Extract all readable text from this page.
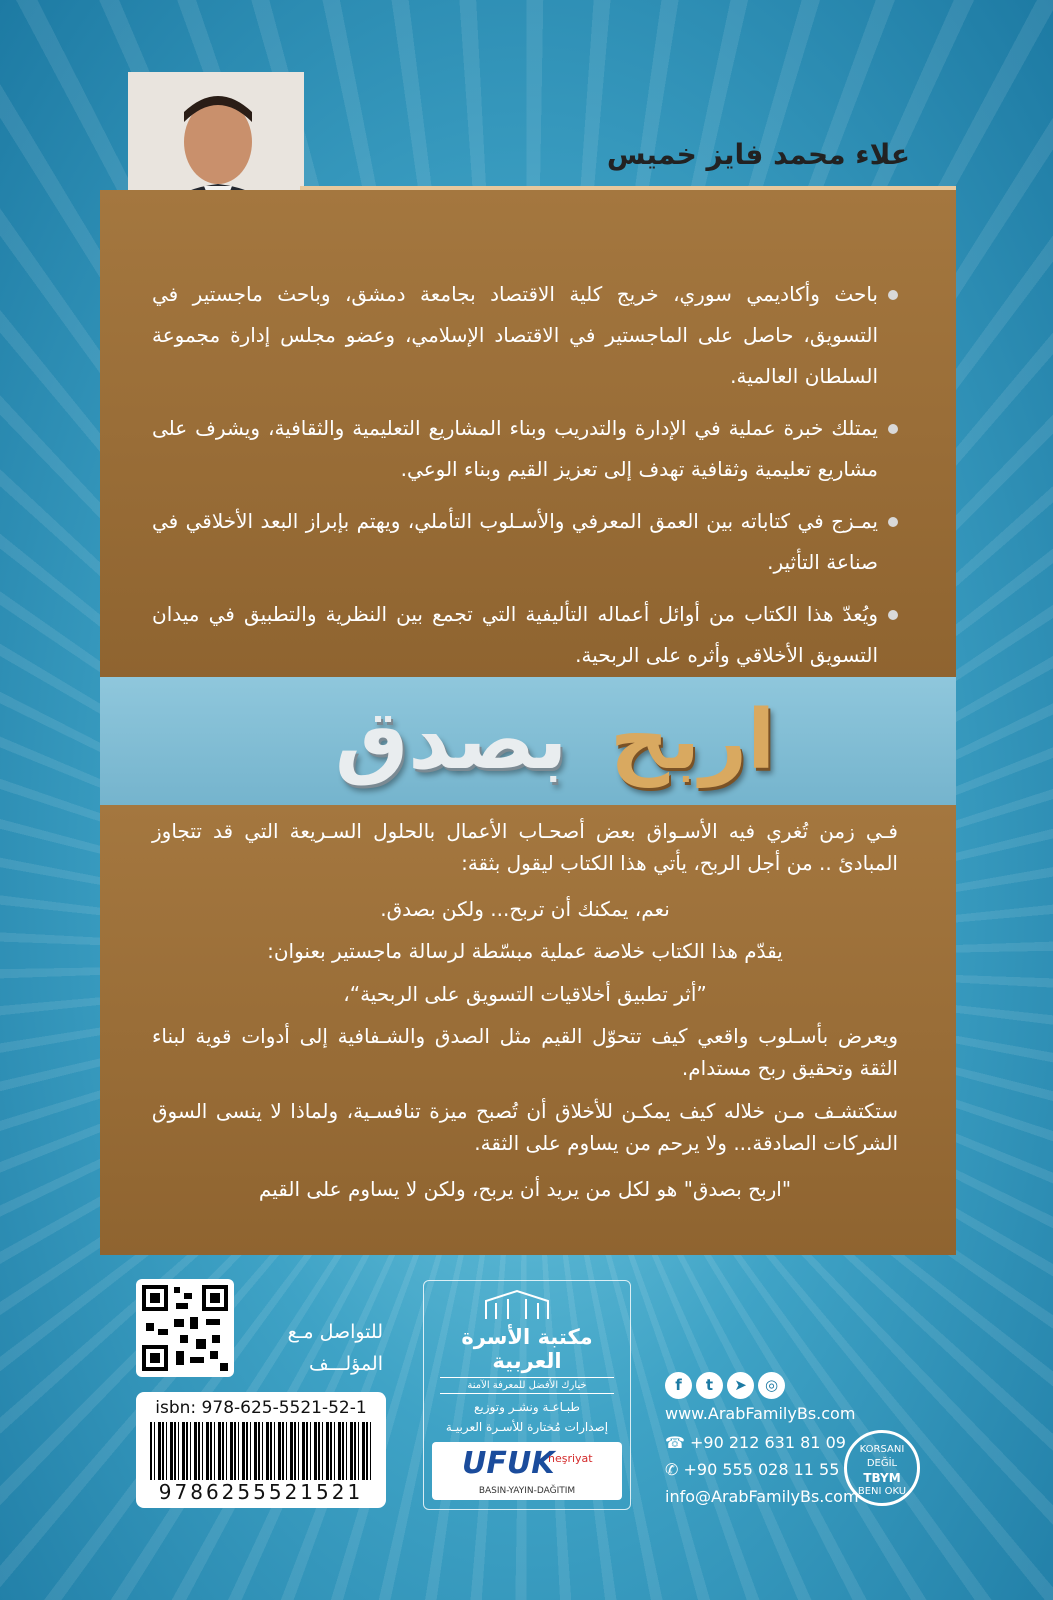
علاء محمد فايز خميس
باحث وأكاديمي سوري، خريج كلية الاقتصاد بجامعة دمشق، وباحث ماجستير في التسويق، حاصل على الماجستير في الاقتصاد الإسلامي، وعضو مجلس إدارة مجموعة السلطان العالمية.
يمتلك خبرة عملية في الإدارة والتدريب وبناء المشاريع التعليمية والثقافية، ويشرف على مشاريع تعليمية وثقافية تهدف إلى تعزيز القيم وبناء الوعي.
يمـزج في كتاباته بين العمق المعرفي والأسـلوب التأملي، ويهتم بإبراز البعد الأخلاقي في صناعة التأثير.
ويُعدّ هذا الكتاب من أوائل أعماله التأليفية التي تجمع بين النظرية والتطبيق في ميدان التسويق الأخلاقي وأثره على الربحية.
اربح
بصدق

فـي زمن تُغري فيه الأسـواق بعض أصحـاب الأعمال بالحلول السـريعة التي قد تتجاوز المبادئ .. من أجل الربح، يأتي هذا الكتاب ليقول بثقة:

نعم، يمكنك أن تربح... ولكن بصدق.

يقدّم هذا الكتاب خلاصة عملية مبسّطة لرسالة ماجستير بعنوان:

”أثر تطبيق أخلاقيات التسويق على الربحية“،

ويعرض بأسـلوب واقعي كيف تتحوّل القيم مثل الصدق والشـفافية إلى أدوات قوية لبناء الثقة وتحقيق ربح مستدام.

ستكتشـف مـن خلاله كيف يمكـن للأخلاق أن تُصبح ميزة تنافسـية، ولماذا لا ينسى السوق الشركات الصادقة... ولا يرحم من يساوم على الثقة.

"اربح بصدق" هو لكل من يريد أن يربح، ولكن لا يساوم على القيم

للتواصل مـع
المؤلـــف
isbn: 978-625-5521-52-1
9786255521521
مكتبة الأسرة العربية
خيارك الأفضل للمعرفة الآمنة
طبـاعـة ونشـر وتوزيع
إصدارات مُختارة للأسـرة العربيـة
UFUK
neşriyat
BASIN-YAYIN-DAĞITIM
f t ➤ ◎
www.ArabFamilyBs.com
☎ +90 212 631 81 09
✆ +90 555 028 11 55
info@ArabFamilyBs.com
KORSANI DEĞİL
TBYM
BENI OKU
